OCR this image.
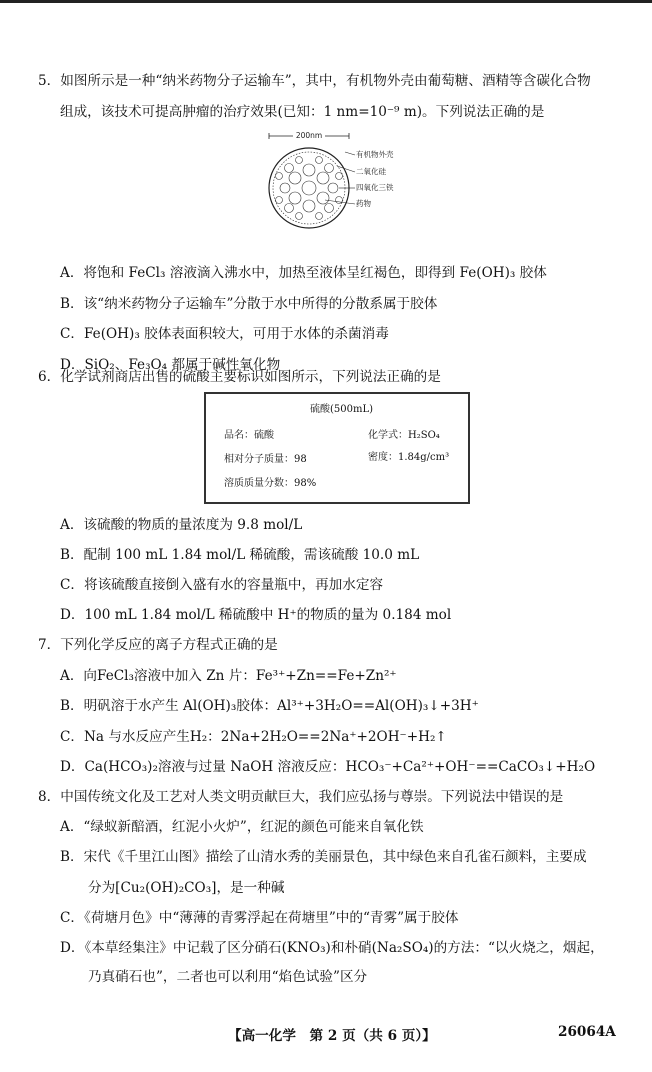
5．如图所示是一种“纳米药物分子运输车”，其中，有机物外壳由葡萄糖、酒精等含碳化合物
组成，该技术可提高肿瘤的治疗效果(已知：1 nm=10⁻⁹ m)。下列说法正确的是
200nm
有机物外壳
二氧化硅
四氧化三铁
药物
A．将饱和 FeCl₃ 溶液滴入沸水中，加热至液体呈红褐色，即得到 Fe(OH)₃ 胶体
B．该“纳米药物分子运输车”分散于水中所得的分散系属于胶体
C．Fe(OH)₃ 胶体表面积较大，可用于水体的杀菌消毒
D．SiO₂、Fe₃O₄ 都属于碱性氧化物
6．化学试剂商店出售的硫酸主要标识如图所示，下列说法正确的是
硫酸(500mL)
品名：硫酸	化学式：H₂SO₄
相对分子质量：98	密度：1.84g/cm³
溶质质量分数：98%
A．该硫酸的物质的量浓度为 9.8 mol/L
B．配制 100 mL 1.84 mol/L 稀硫酸，需该硫酸 10.0 mL
C．将该硫酸直接倒入盛有水的容量瓶中，再加水定容
D．100 mL 1.84 mol/L 稀硫酸中 H⁺的物质的量为 0.184 mol
7．下列化学反应的离子方程式正确的是
A．向FeCl₃溶液中加入 Zn 片：Fe³⁺+Zn==Fe+Zn²⁺
B．明矾溶于水产生 Al(OH)₃胶体：Al³⁺+3H₂O==Al(OH)₃↓+3H⁺
C．Na 与水反应产生H₂：2Na+2H₂O==2Na⁺+2OH⁻+H₂↑
D．Ca(HCO₃)₂溶液与过量 NaOH 溶液反应：HCO₃⁻+Ca²⁺+OH⁻==CaCO₃↓+H₂O
8．中国传统文化及工艺对人类文明贡献巨大，我们应弘扬与尊崇。下列说法中错误的是
A．“绿蚁新醅酒，红泥小火炉”，红泥的颜色可能来自氧化铁
B．宋代《千里江山图》描绘了山清水秀的美丽景色，其中绿色来自孔雀石颜料，主要成
分为[Cu₂(OH)₂CO₃]，是一种碱
C．《荷塘月色》中“薄薄的青雾浮起在荷塘里”中的“青雾”属于胶体
D．《本草经集注》中记载了区分硝石(KNO₃)和朴硝(Na₂SO₄)的方法：“以火烧之，烟起，
乃真硝石也”，二者也可以利用“焰色试验”区分
【高一化学　第 2 页（共 6 页）】	26064A
